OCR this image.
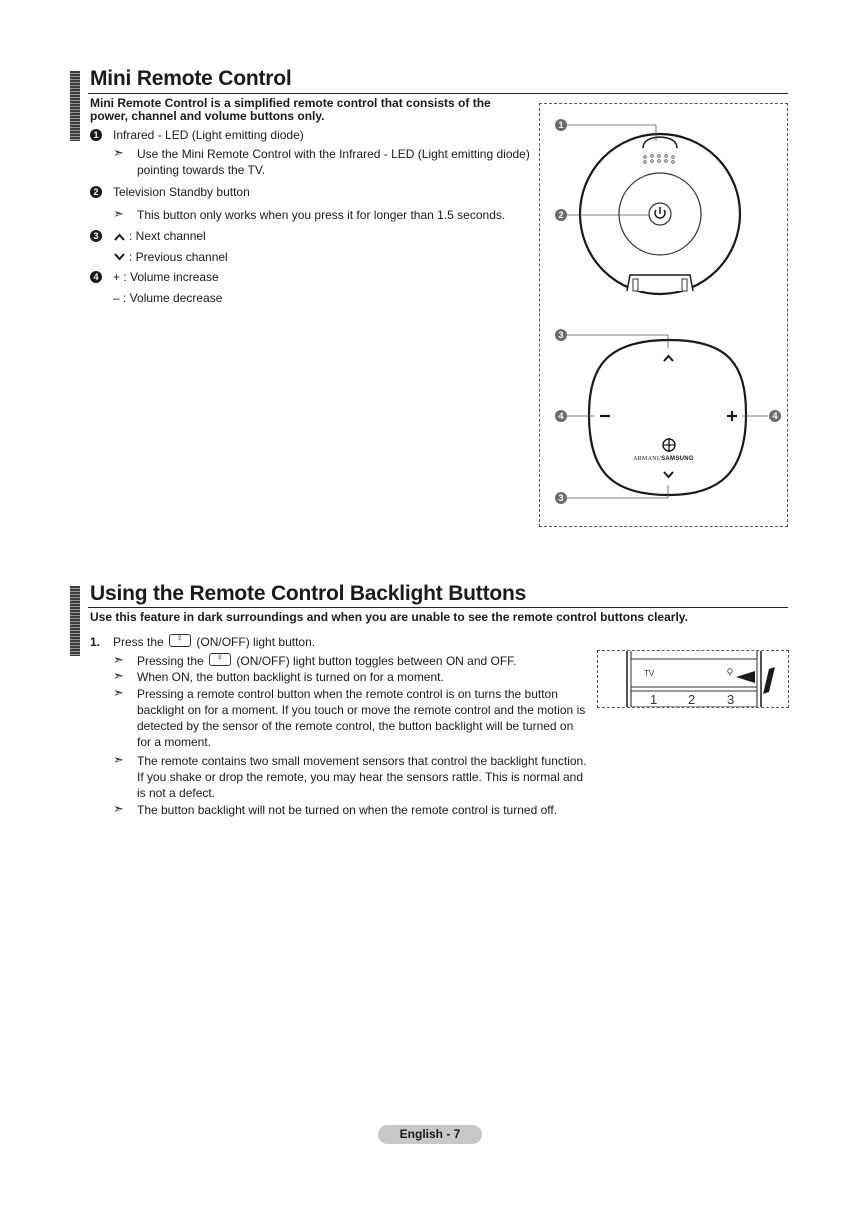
Mini Remote Control
Mini Remote Control is a simplified remote control that consists of the
power, channel and volume buttons only.
1 Infrared - LED (Light emitting diode)
➣ Use the Mini Remote Control with the Infrared - LED (Light emitting diode)
pointing towards the TV.
2 Television Standby button
➣ This button only works when you press it for longer than 1.5 seconds.
3	: Next channel
: Previous channel
4 + : Volume increase
– : Volume decrease
ARMANI/SAMSUNG
1
2
3
4	4
3
Using the Remote Control Backlight Buttons
Use this feature in dark surroundings and when you are unable to see the remote control buttons clearly.
1. Press the ♀ (ON/OFF) light button.
➣ Pressing the ♀ (ON/OFF) light button toggles between ON and OFF.
➣ When ON, the button backlight is turned on for a moment.
➣ Pressing a remote control button when the remote control is on turns the button
backlight on for a moment. If you touch or move the remote control and the motion is
detected by the sensor of the remote control, the button backlight will be turned on
for a moment.
➣ The remote contains two small movement sensors that control the backlight function.
If you shake or drop the remote, you may hear the sensors rattle. This is normal and
is not a defect.
➣ The button backlight will not be turned on when the remote control is turned off.
TV
1 2 3
English - 7
